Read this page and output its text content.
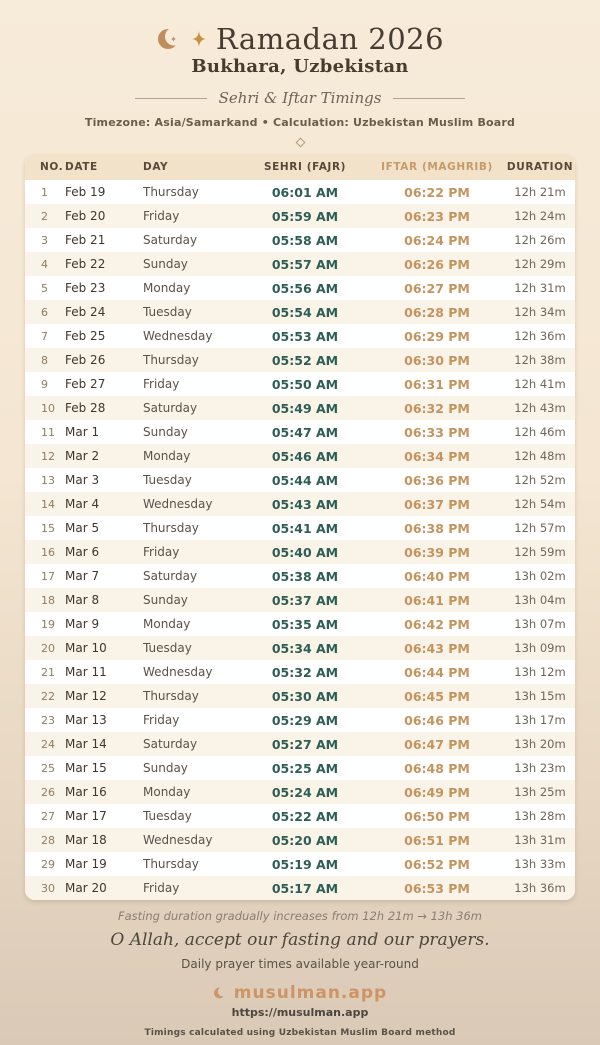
Ramadan 2026
Bukhara, Uzbekistan
Sehri & Iftar Timings
Timezone: Asia/Samarkand • Calculation: Uzbekistan Muslim Board
NO.	DATE	DAY	SEHRI (FAJR)	IFTAR (MAGHRIB)	DURATION
1	Feb 19	Thursday	06:01 AM	06:22 PM	12h 21m
2	Feb 20	Friday	05:59 AM	06:23 PM	12h 24m
3	Feb 21	Saturday	05:58 AM	06:24 PM	12h 26m
4	Feb 22	Sunday	05:57 AM	06:26 PM	12h 29m
5	Feb 23	Monday	05:56 AM	06:27 PM	12h 31m
6	Feb 24	Tuesday	05:54 AM	06:28 PM	12h 34m
7	Feb 25	Wednesday	05:53 AM	06:29 PM	12h 36m
8	Feb 26	Thursday	05:52 AM	06:30 PM	12h 38m
9	Feb 27	Friday	05:50 AM	06:31 PM	12h 41m
10	Feb 28	Saturday	05:49 AM	06:32 PM	12h 43m
11	Mar 1	Sunday	05:47 AM	06:33 PM	12h 46m
12	Mar 2	Monday	05:46 AM	06:34 PM	12h 48m
13	Mar 3	Tuesday	05:44 AM	06:36 PM	12h 52m
14	Mar 4	Wednesday	05:43 AM	06:37 PM	12h 54m
15	Mar 5	Thursday	05:41 AM	06:38 PM	12h 57m
16	Mar 6	Friday	05:40 AM	06:39 PM	12h 59m
17	Mar 7	Saturday	05:38 AM	06:40 PM	13h 02m
18	Mar 8	Sunday	05:37 AM	06:41 PM	13h 04m
19	Mar 9	Monday	05:35 AM	06:42 PM	13h 07m
20	Mar 10	Tuesday	05:34 AM	06:43 PM	13h 09m
21	Mar 11	Wednesday	05:32 AM	06:44 PM	13h 12m
22	Mar 12	Thursday	05:30 AM	06:45 PM	13h 15m
23	Mar 13	Friday	05:29 AM	06:46 PM	13h 17m
24	Mar 14	Saturday	05:27 AM	06:47 PM	13h 20m
25	Mar 15	Sunday	05:25 AM	06:48 PM	13h 23m
26	Mar 16	Monday	05:24 AM	06:49 PM	13h 25m
27	Mar 17	Tuesday	05:22 AM	06:50 PM	13h 28m
28	Mar 18	Wednesday	05:20 AM	06:51 PM	13h 31m
29	Mar 19	Thursday	05:19 AM	06:52 PM	13h 33m
30	Mar 20	Friday	05:17 AM	06:53 PM	13h 36m
Fasting duration gradually increases from 12h 21m → 13h 36m
O Allah, accept our fasting and our prayers.
Daily prayer times available year-round
musulman.app
https://musulman.app
Timings calculated using Uzbekistan Muslim Board method
